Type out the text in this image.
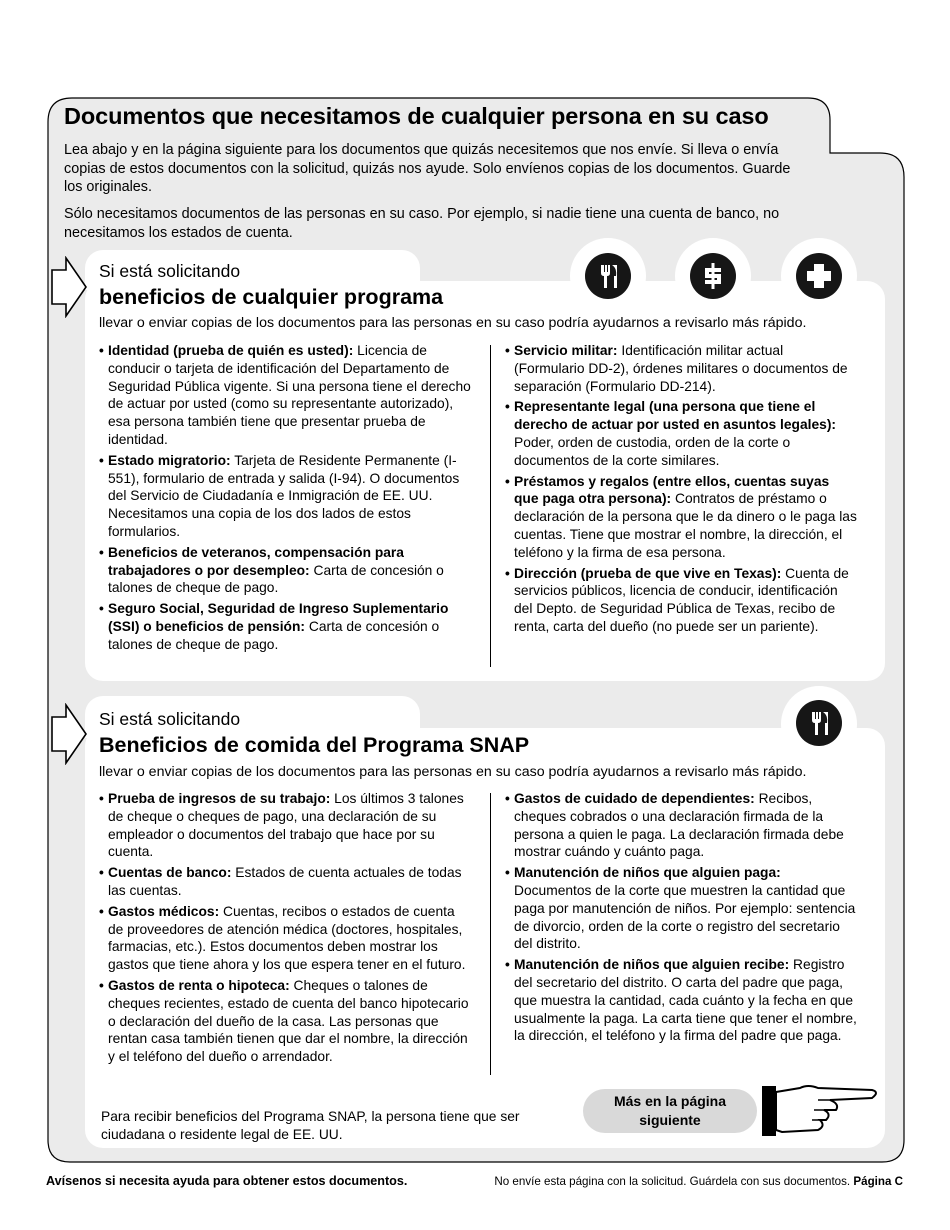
Documentos que necesitamos de cualquier persona en su caso

Lea abajo y en la página siguiente para los documentos que quizás necesitemos que nos envíe. Si lleva o envía copias de estos documentos con la solicitud, quizás nos ayude. Solo envíenos copias de los documentos. Guarde los originales.

Sólo necesitamos documentos de las personas en su caso. Por ejemplo, si nadie tiene una cuenta de banco, no necesitamos los estados de cuenta.

Si está solicitando
beneficios de cualquier programa

llevar o enviar copias de los documentos para las personas en su caso podría ayudarnos a revisarlo más rápido.

• Identidad (prueba de quién es usted): Licencia de conducir o tarjeta de identificación del Departamento de Seguridad Pública vigente. Si una persona tiene el derecho de actuar por usted (como su representante autorizado), esa persona también tiene que presentar prueba de identidad.
• Estado migratorio: Tarjeta de Residente Permanente (I-551), formulario de entrada y salida (I-94). O documentos del Servicio de Ciudadanía e Inmigración de EE. UU. Necesitamos una copia de los dos lados de estos formularios.
• Beneficios de veteranos, compensación para trabajadores o por desempleo: Carta de concesión o talones de cheque de pago.
• Seguro Social, Seguridad de Ingreso Suplementario (SSI) o beneficios de pensión: Carta de concesión o talones de cheque de pago.
• Servicio militar: Identificación militar actual (Formulario DD-2), órdenes militares o documentos de separación (Formulario DD-214).
• Representante legal (una persona que tiene el derecho de actuar por usted en asuntos legales): Poder, orden de custodia, orden de la corte o documentos de la corte similares.
• Préstamos y regalos (entre ellos, cuentas suyas que paga otra persona): Contratos de préstamo o declaración de la persona que le da dinero o le paga las cuentas. Tiene que mostrar el nombre, la dirección, el teléfono y la firma de esa persona.
• Dirección (prueba de que vive en Texas): Cuenta de servicios públicos, licencia de conducir, identificación del Depto. de Seguridad Pública de Texas, recibo de renta, carta del dueño (no puede ser un pariente).
Si está solicitando
Beneficios de comida del Programa SNAP

llevar o enviar copias de los documentos para las personas en su caso podría ayudarnos a revisarlo más rápido.

• Prueba de ingresos de su trabajo: Los últimos 3 talones de cheque o cheques de pago, una declaración de su empleador o documentos del trabajo que hace por su cuenta.
• Cuentas de banco: Estados de cuenta actuales de todas las cuentas.
• Gastos médicos: Cuentas, recibos o estados de cuenta de proveedores de atención médica (doctores, hospitales, farmacias, etc.). Estos documentos deben mostrar los gastos que tiene ahora y los que espera tener en el futuro.
• Gastos de renta o hipoteca: Cheques o talones de cheques recientes, estado de cuenta del banco hipotecario o declaración del dueño de la casa. Las personas que rentan casa también tienen que dar el nombre, la dirección y el teléfono del dueño o arrendador.
• Gastos de cuidado de dependientes: Recibos, cheques cobrados o una declaración firmada de la persona a quien le paga. La declaración firmada debe mostrar cuándo y cuánto paga.
• Manutención de niños que alguien paga: Documentos de la corte que muestren la cantidad que paga por manutención de niños. Por ejemplo: sentencia de divorcio, orden de la corte o registro del secretario del distrito.
• Manutención de niños que alguien recibe: Registro del secretario del distrito. O carta del padre que paga, que muestra la cantidad, cada cuánto y la fecha en que usualmente la paga. La carta tiene que tener el nombre, la dirección, el teléfono y la firma del padre que paga.

Para recibir beneficios del Programa SNAP, la persona tiene que ser ciudadana o residente legal de EE. UU.

Más en la página siguiente
Avísenos si necesita ayuda para obtener estos documentos.	No envíe esta página con la solicitud. Guárdela con sus documentos. Página C
